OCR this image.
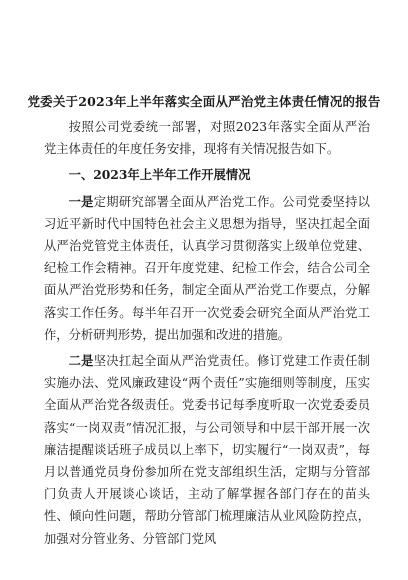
党委关于2023年上半年落实全面从严治党主体责任情况的报告

按照公司党委统一部署，对照2023年落实全面从严治党主体责任的年度任务安排，现将有关情况报告如下。

一、2023年上半年工作开展情况

一是定期研究部署全面从严治党工作。公司党委坚持以习近平新时代中国特色社会主义思想为指导，坚决扛起全面从严治党管党主体责任，认真学习贯彻落实上级单位党建、纪检工作会精神。召开年度党建、纪检工作会，结合公司全面从严治党形势和任务，制定全面从严治党工作要点，分解落实工作任务。每半年召开一次党委会研究全面从严治党工作，分析研判形势，提出加强和改进的措施。

二是坚决扛起全面从严治党责任。修订党建工作责任制实施办法、党风廉政建设“两个责任”实施细则等制度，压实全面从严治党各级责任。党委书记每季度听取一次党委委员落实“一岗双责”情况汇报，与公司领导和中层干部开展一次廉洁提醒谈话班子成员以上率下，切实履行“一岗双责”，每月以普通党员身份参加所在党支部组织生活，定期与分管部门负责人开展谈心谈话，主动了解掌握各部门存在的苗头性、倾向性问题，帮助分管部门梳理廉洁从业风险防控点，加强对分管业务、分管部门党风
